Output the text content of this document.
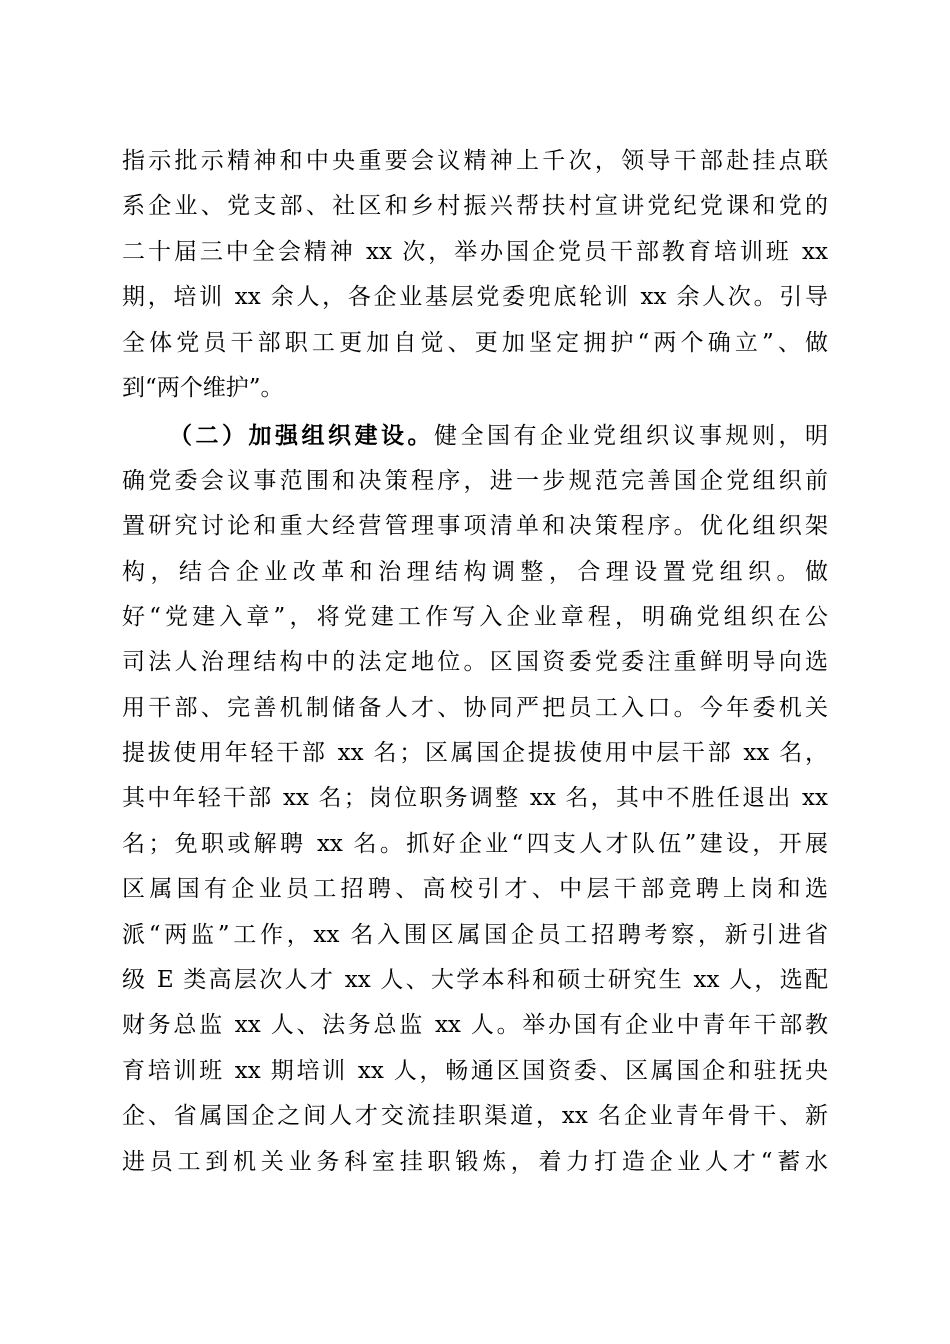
指示批示精神和中央重要会议精神上千次，领导干部赴挂点联
系企业、党支部、社区和乡村振兴帮扶村宣讲党纪党课和党的
二十届三中全会精神 xx 次，举办国企党员干部教育培训班 xx
期，培训 xx 余人，各企业基层党委兜底轮训 xx 余人次。引导
全体党员干部职工更加自觉、更加坚定拥护“两个确立”、做
到“两个维护”。
（二）加强组织建设。健全国有企业党组织议事规则，明
确党委会议事范围和决策程序，进一步规范完善国企党组织前
置研究讨论和重大经营管理事项清单和决策程序。优化组织架
构，结合企业改革和治理结构调整，合理设置党组织。做
好“党建入章”，将党建工作写入企业章程，明确党组织在公
司法人治理结构中的法定地位。区国资委党委注重鲜明导向选
用干部、完善机制储备人才、协同严把员工入口。今年委机关
提拔使用年轻干部 xx 名；区属国企提拔使用中层干部 xx 名，
其中年轻干部 xx 名；岗位职务调整 xx 名，其中不胜任退出 xx
名；免职或解聘 xx 名。抓好企业“四支人才队伍”建设，开展
区属国有企业员工招聘、高校引才、中层干部竞聘上岗和选
派“两监”工作，xx 名入围区属国企员工招聘考察，新引进省
级 E 类高层次人才 xx 人、大学本科和硕士研究生 xx 人，选配
财务总监 xx 人、法务总监 xx 人。举办国有企业中青年干部教
育培训班 xx 期培训 xx 人，畅通区国资委、区属国企和驻抚央
企、省属国企之间人才交流挂职渠道，xx 名企业青年骨干、新
进员工到机关业务科室挂职锻炼，着力打造企业人才“蓄水
